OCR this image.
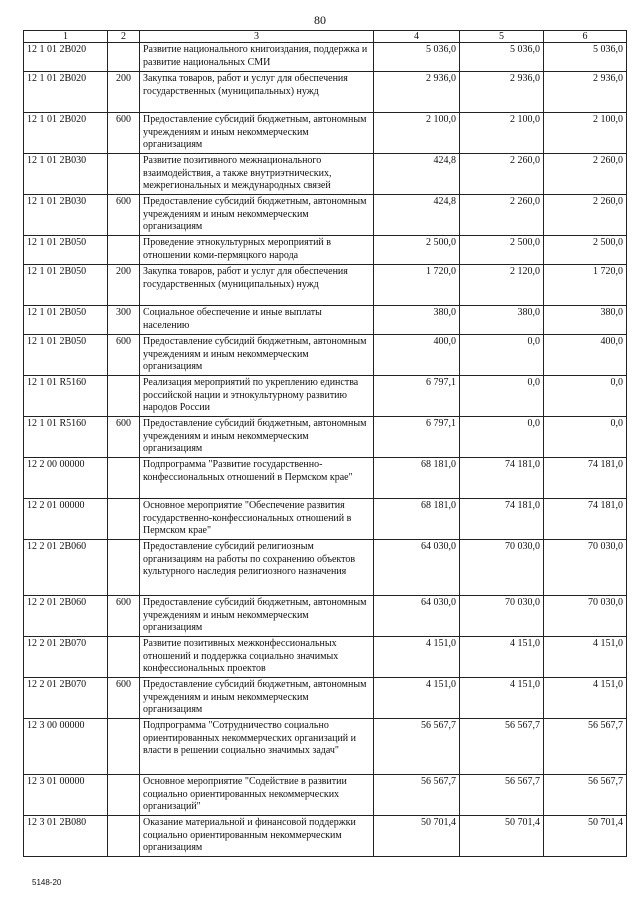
80
1	2	3	4	5	6
12 1 01 2B020		Развитие национального книгоиздания, поддержка и развитие национальных СМИ	5 036,0	5 036,0	5 036,0
12 1 01 2B020	200	Закупка товаров, работ и услуг для обеспечения государственных (муниципальных) нужд	2 936,0	2 936,0	2 936,0
12 1 01 2B020	600	Предоставление субсидий бюджетным, автономным учреждениям и иным некоммерческим организациям	2 100,0	2 100,0	2 100,0
12 1 01 2B030		Развитие позитивного межнационального взаимодействия, а также внутриэтнических, межрегиональных и международных связей	424,8	2 260,0	2 260,0
12 1 01 2B030	600	Предоставление субсидий бюджетным, автономным учреждениям и иным некоммерческим организациям	424,8	2 260,0	2 260,0
12 1 01 2B050		Проведение этнокультурных мероприятий в отношении коми-пермяцкого народа	2 500,0	2 500,0	2 500,0
12 1 01 2B050	200	Закупка товаров, работ и услуг для обеспечения государственных (муниципальных) нужд	1 720,0	2 120,0	1 720,0
12 1 01 2B050	300	Социальное обеспечение и иные выплаты населению	380,0	380,0	380,0
12 1 01 2B050	600	Предоставление субсидий бюджетным, автономным учреждениям и иным некоммерческим организациям	400,0	0,0	400,0
12 1 01 R5160		Реализация мероприятий по укреплению единства российской нации и этнокультурному развитию народов России	6 797,1	0,0	0,0
12 1 01 R5160	600	Предоставление субсидий бюджетным, автономным учреждениям и иным некоммерческим организациям	6 797,1	0,0	0,0
12 2 00 00000		Подпрограмма "Развитие государственно-конфессиональных отношений в Пермском крае"	68 181,0	74 181,0	74 181,0
12 2 01 00000		Основное мероприятие "Обеспечение развития государственно-конфессиональных отношений в Пермском крае"	68 181,0	74 181,0	74 181,0
12 2 01 2B060		Предоставление субсидий религиозным организациям на работы по сохранению объектов культурного наследия религиозного назначения	64 030,0	70 030,0	70 030,0
12 2 01 2B060	600	Предоставление субсидий бюджетным, автономным учреждениям и иным некоммерческим организациям	64 030,0	70 030,0	70 030,0
12 2 01 2B070		Развитие позитивных межконфессиональных отношений и поддержка социально значимых конфессиональных проектов	4 151,0	4 151,0	4 151,0
12 2 01 2B070	600	Предоставление субсидий бюджетным, автономным учреждениям и иным некоммерческим организациям	4 151,0	4 151,0	4 151,0
12 3 00 00000		Подпрограмма "Сотрудничество социально ориентированных некоммерческих организаций и власти в решении социально значимых задач"	56 567,7	56 567,7	56 567,7
12 3 01 00000		Основное мероприятие "Содействие в развитии социально ориентированных некоммерческих организаций"	56 567,7	56 567,7	56 567,7
12 3 01 2B080		Оказание материальной и финансовой поддержки социально ориентированным некоммерческим организациям	50 701,4	50 701,4	50 701,4
5148-20
